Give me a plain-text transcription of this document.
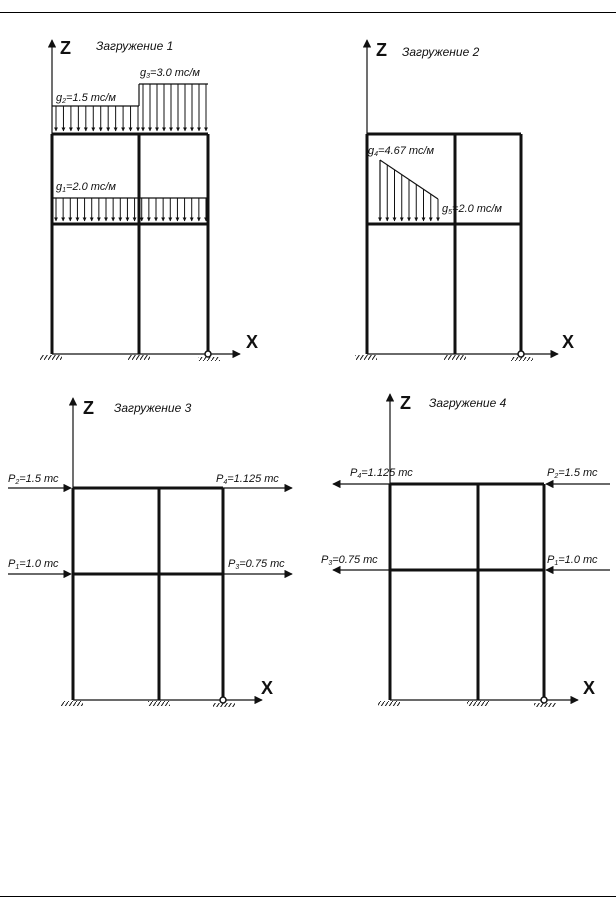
Z
X
Загружение 1
g2=1.5 тс/м
g3=3.0 тс/м
g1=2.0 тс/м
Z
X
Загружение 2
g4=4.67 тс/м
g5=2.0 тс/м
Z
X
Загружение 3
P2=1.5 тс	P4=1.125 тс
P1=1.0 тс	P3=0.75 тс
Z
X
Загружение 4
P4=1.125 тс	P2=1.5 тс
P3=0.75 тс	P1=1.0 тс
